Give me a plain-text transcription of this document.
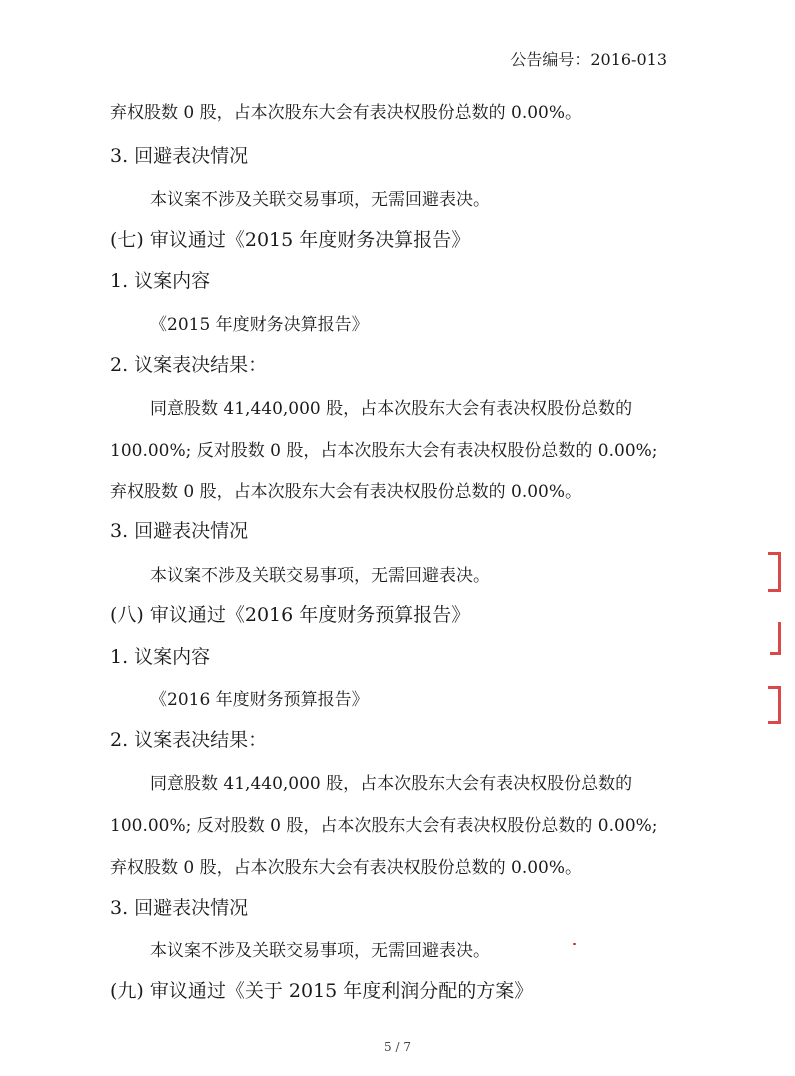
公告编号：2016-013
弃权股数 0 股，占本次股东大会有表决权股份总数的 0.00%。
3. 回避表决情况
本议案不涉及关联交易事项，无需回避表决。
(七) 审议通过《2015 年度财务决算报告》
1. 议案内容
《2015 年度财务决算报告》
2. 议案表决结果：
同意股数 41,440,000 股，占本次股东大会有表决权股份总数的
100.00%; 反对股数 0 股，占本次股东大会有表决权股份总数的 0.00%;
弃权股数 0 股，占本次股东大会有表决权股份总数的 0.00%。
3. 回避表决情况
本议案不涉及关联交易事项，无需回避表决。
(八) 审议通过《2016 年度财务预算报告》
1. 议案内容
《2016 年度财务预算报告》
2. 议案表决结果：
同意股数 41,440,000 股，占本次股东大会有表决权股份总数的
100.00%; 反对股数 0 股，占本次股东大会有表决权股份总数的 0.00%;
弃权股数 0 股，占本次股东大会有表决权股份总数的 0.00%。
3. 回避表决情况
本议案不涉及关联交易事项，无需回避表决。
(九) 审议通过《关于 2015 年度利润分配的方案》
5 / 7
